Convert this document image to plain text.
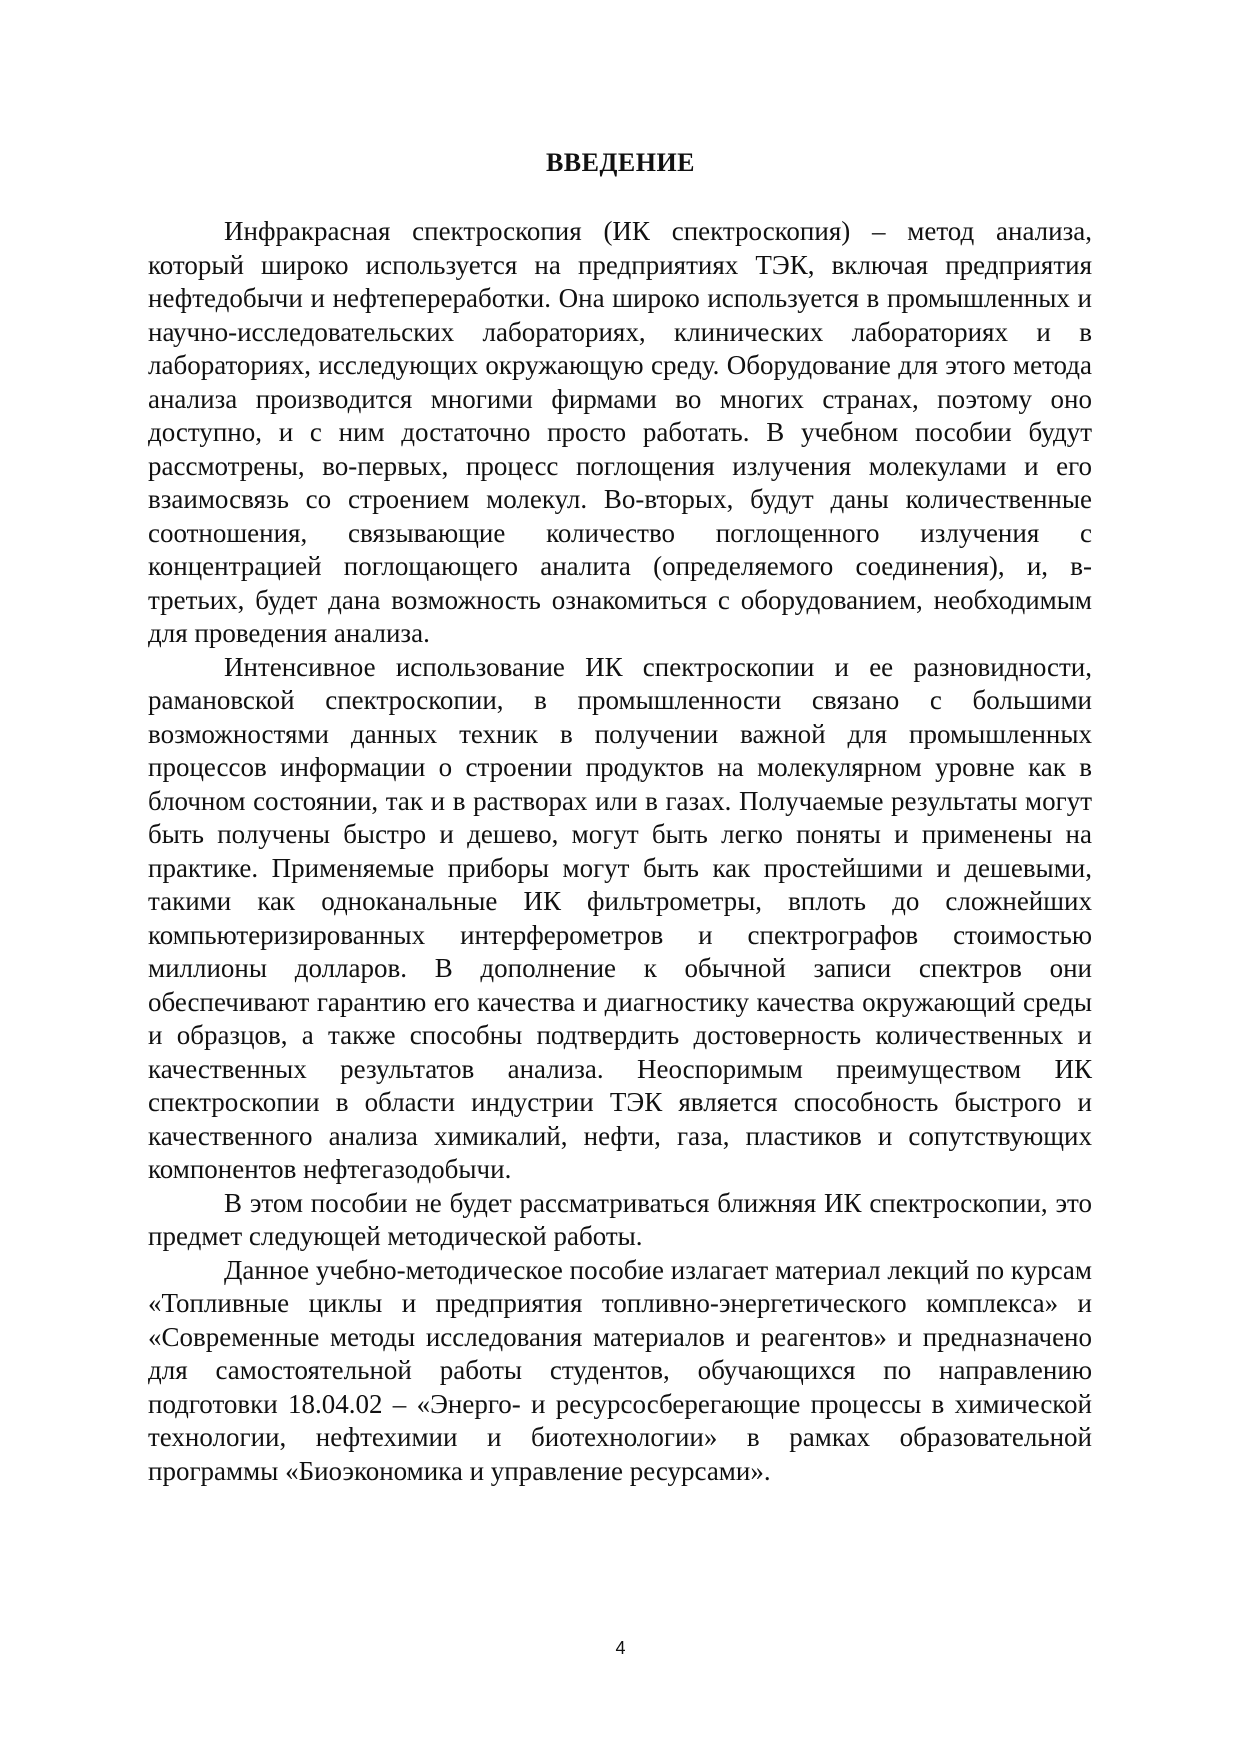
ВВЕДЕНИЕ

Инфракрасная спектроскопия (ИК спектроскопия) – метод анализа, который широко используется на предприятиях ТЭК, включая предприятия нефтедобычи и нефтепереработки. Она широко используется в промышленных и научно-исследовательских лабораториях, клинических лабораториях и в лабораториях, исследующих окружающую среду. Оборудование для этого метода анализа производится многими фирмами во многих странах, поэтому оно доступно, и с ним достаточно просто работать. В учебном пособии будут рассмотрены, во-первых, процесс поглощения излучения молекулами и его взаимосвязь со строением молекул. Во-вторых, будут даны количественные соотношения, связывающие количество поглощенного излучения с концентрацией поглощающего аналита (определяемого соединения), и, в-третьих, будет дана возможность ознакомиться с оборудованием, необходимым для проведения анализа.

Интенсивное использование ИК спектроскопии и ее разновидности, рамановской спектроскопии, в промышленности связано с большими возможностями данных техник в получении важной для промышленных процессов информации о строении продуктов на молекулярном уровне как в блочном состоянии, так и в растворах или в газах. Получаемые результаты могут быть получены быстро и дешево, могут быть легко поняты и применены на практике. Применяемые приборы могут быть как простейшими и дешевыми, такими как одноканальные ИК фильтрометры, вплоть до сложнейших компьютеризированных интерферометров и спектрографов стоимостью миллионы долларов. В дополнение к обычной записи спектров они обеспечивают гарантию его качества и диагностику качества окружающий среды и образцов, а также способны подтвердить достоверность количественных и качественных результатов анализа. Неоспоримым преимуществом ИК спектроскопии в области индустрии ТЭК является способность быстрого и качественного анализа химикалий, нефти, газа, пластиков и сопутствующих компонентов нефтегазодобычи.

В этом пособии не будет рассматриваться ближняя ИК спектроскопии, это предмет следующей методической работы.

Данное учебно-методическое пособие излагает материал лекций по курсам «Топливные циклы и предприятия топливно-энергетического комплекса» и «Современные методы исследования материалов и реагентов» и предназначено для самостоятельной работы студентов, обучающихся по направлению подготовки 18.04.02 – «Энерго- и ресурсосберегающие процессы в химической технологии, нефтехимии и биотехнологии» в рамках образовательной программы «Биоэкономика и управление ресурсами».

4
